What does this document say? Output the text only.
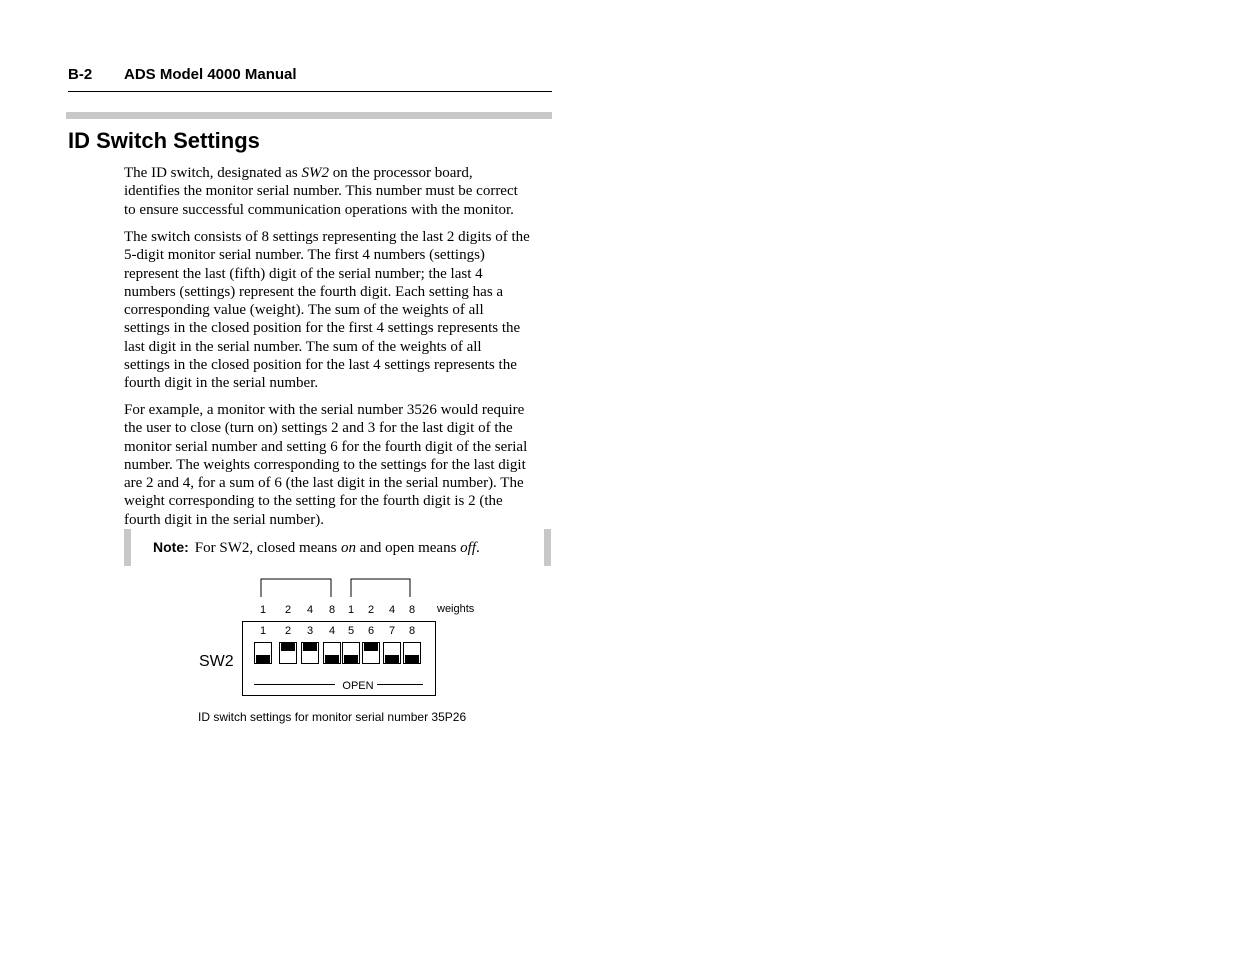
B-2 ADS Model 4000 Manual
ID Switch Settings

The ID switch, designated as SW2 on the processor board,
identifies the monitor serial number. This number must be correct
to ensure successful communication operations with the monitor.

The switch consists of 8 settings representing the last 2 digits of the
5-digit monitor serial number. The first 4 numbers (settings)
represent the last (fifth) digit of the serial number; the last 4
numbers (settings) represent the fourth digit. Each setting has a
corresponding value (weight). The sum of the weights of all
settings in the closed position for the first 4 settings represents the
last digit in the serial number. The sum of the weights of all
settings in the closed position for the last 4 settings represents the
fourth digit in the serial number.

For example, a monitor with the serial number 3526 would require
the user to close (turn on) settings 2 and 3 for the last digit of the
monitor serial number and setting 6 for the fourth digit of the serial
number. The weights corresponding to the settings for the last digit
are 2 and 4, for a sum of 6 (the last digit in the serial number). The
weight corresponding to the setting for the fourth digit is 2 (the
fourth digit in the serial number).

Note: For SW2, closed means on and open means off.
1 2 4 8 1 2 4 8 weights
SW2
1 2 3 4 5 6 7 8
OPEN
ID switch settings for monitor serial number 35P26
